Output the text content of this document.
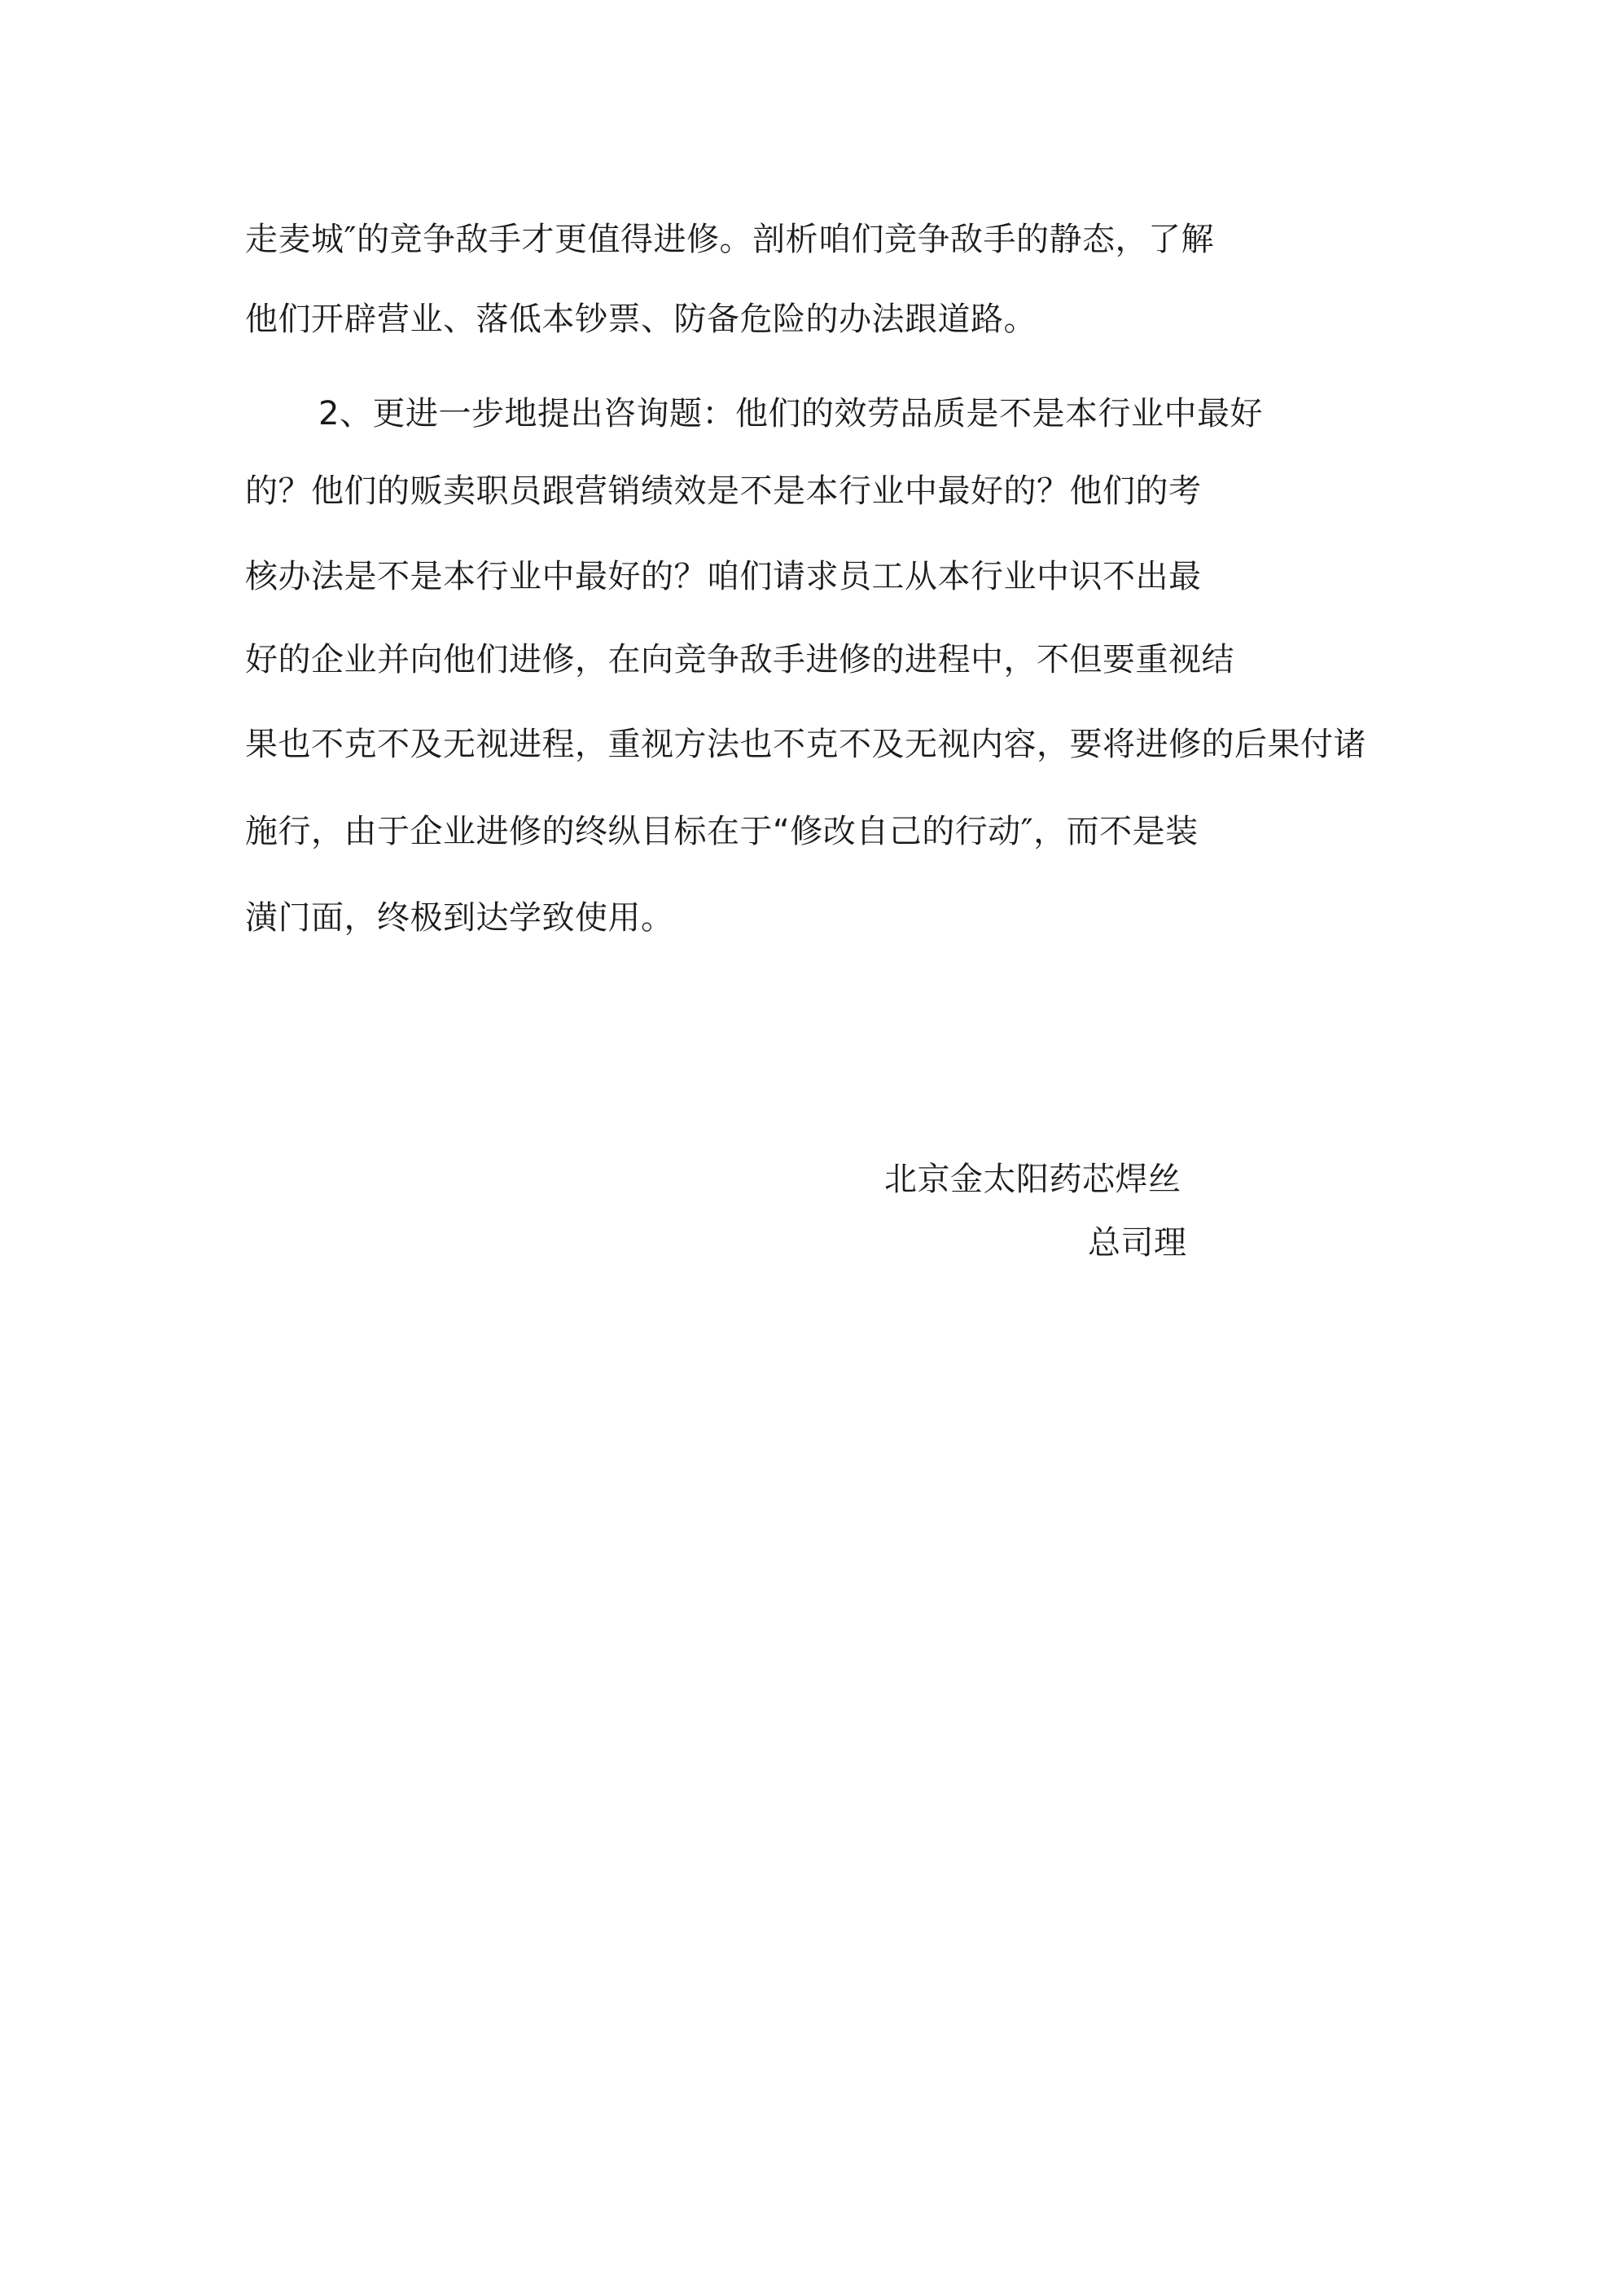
走麦城″的竞争敌手才更值得进修。剖析咱们竞争敌手的静态，了解
他们开辟营业、落低本钞票、防备危险的办法跟道路。
2、更进一步地提出咨询题：他们的效劳品质是不是本行业中最好
的？他们的贩卖职员跟营销绩效是不是本行业中最好的？他们的考
核办法是不是本行业中最好的？咱们请求员工从本行业中识不出最
好的企业并向他们进修，在向竞争敌手进修的进程中，不但要重视结
果也不克不及无视进程，重视方法也不克不及无视内容，要将进修的后果付诸
施行，由于企业进修的终纵目标在于“修改自己的行动″，而不是装
潢门面，终极到达学致使用。
北京金太阳药芯焊丝
总司理
